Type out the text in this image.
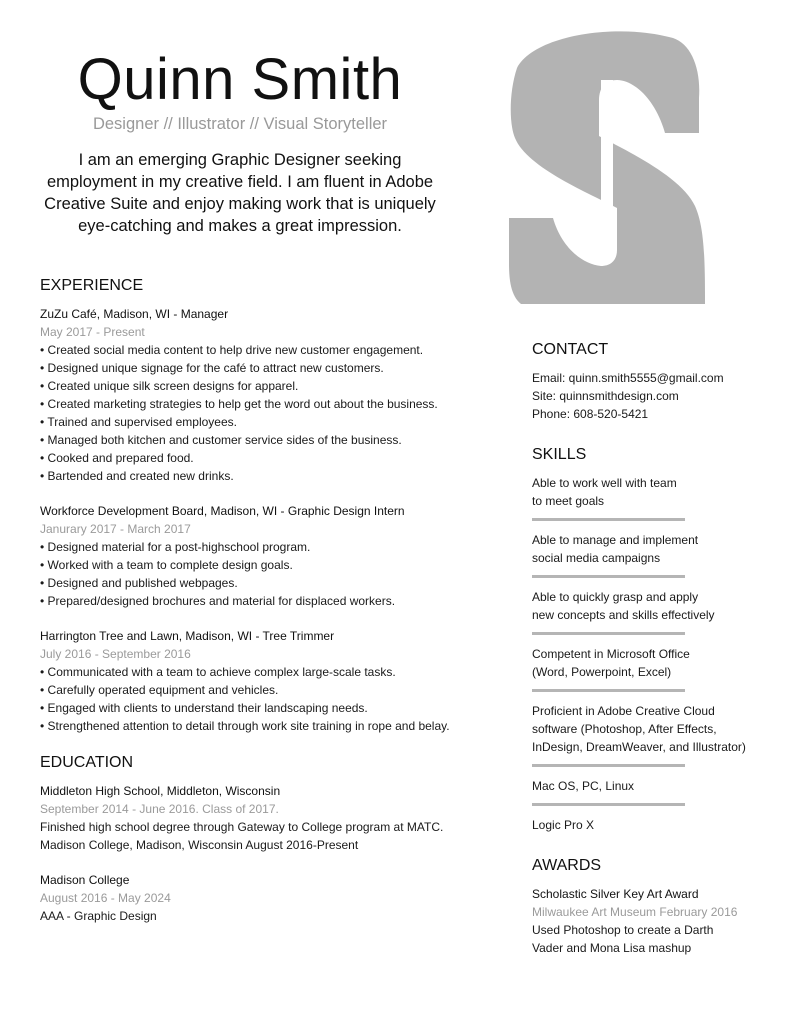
Quinn Smith
Designer // Illustrator // Visual Storyteller
I am an emerging Graphic Designer seeking employment in my creative field. I am fluent in Adobe Creative Suite and enjoy making work that is uniquely eye-catching and makes a great impression.
EXPERIENCE
ZuZu Café, Madison, WI - Manager
May 2017 - Present
• Created social media content to help drive new customer engagement.
• Designed unique signage for the café to attract new customers.
• Created unique silk screen designs for apparel.
• Created marketing strategies to help get the word out about the business.
• Trained and supervised employees.
• Managed both kitchen and customer service sides of the business.
• Cooked and prepared food.
• Bartended and created new drinks.
Workforce Development Board, Madison, WI - Graphic Design Intern
Janurary 2017 - March 2017
• Designed material for a post-highschool program.
• Worked with a team to complete design goals.
• Designed and published webpages.
• Prepared/designed brochures and material for displaced workers.
Harrington Tree and Lawn, Madison, WI - Tree Trimmer
July 2016 - September 2016
• Communicated with a team to achieve complex large-scale tasks.
• Carefully operated equipment and vehicles.
• Engaged with clients to understand their landscaping needs.
• Strengthened attention to detail through work site training in rope and belay.
EDUCATION
Middleton High School, Middleton, Wisconsin
September 2014 - June 2016. Class of 2017.
Finished high school degree through Gateway to College program at MATC.
Madison College, Madison, Wisconsin August 2016-Present
Madison College
August 2016 - May 2024
AAA - Graphic Design
CONTACT
Email: quinn.smith5555@gmail.com
Site: quinnsmithdesign.com
Phone: 608-520-5421
SKILLS
Able to work well with team
to meet goals
Able to manage and implement
social media campaigns
Able to quickly grasp and apply
new concepts and skills effectively
Competent in Microsoft Office
(Word, Powerpoint, Excel)
Proficient in Adobe Creative Cloud
software (Photoshop, After Effects,
InDesign, DreamWeaver, and Illustrator)
Mac OS, PC, Linux
Logic Pro X
AWARDS
Scholastic Silver Key Art Award
Milwaukee Art Museum February 2016
Used Photoshop to create a Darth
Vader and Mona Lisa mashup
